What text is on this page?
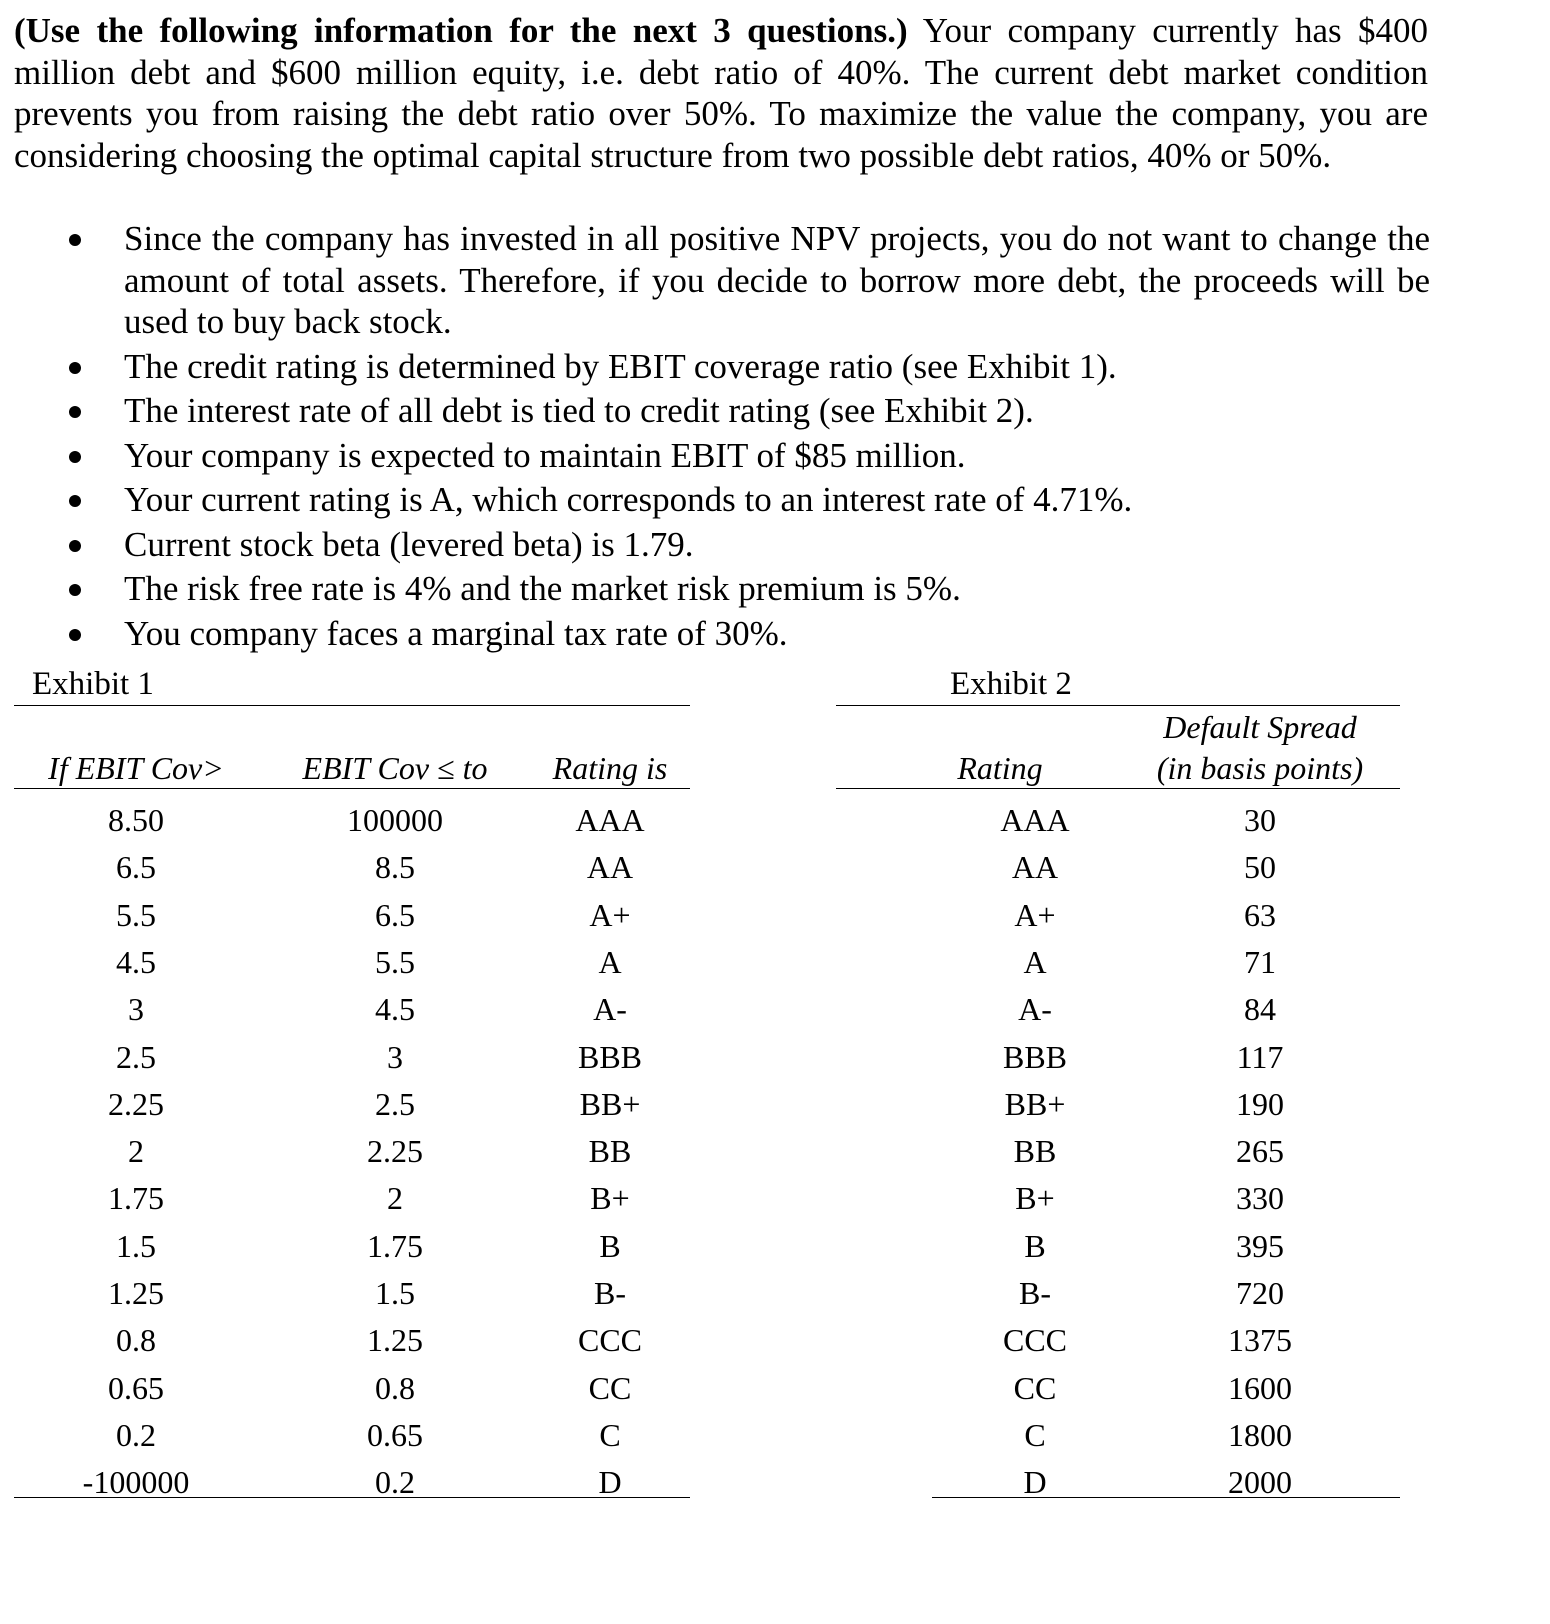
(Use the following information for the next 3 questions.) Your company currently has $400 million debt and $600 million equity, i.e. debt ratio of 40%. The current debt market condition prevents you from raising the debt ratio over 50%. To maximize the value the company, you are considering choosing the optimal capital structure from two possible debt ratios, 40% or 50%.
Since the company has invested in all positive NPV projects, you do not want to change the amount of total assets. Therefore, if you decide to borrow more debt, the proceeds will be used to buy back stock.
The credit rating is determined by EBIT coverage ratio (see Exhibit 1).
The interest rate of all debt is tied to credit rating (see Exhibit 2).
Your company is expected to maintain EBIT of $85 million.
Your current rating is A, which corresponds to an interest rate of 4.71%.
Current stock beta (levered beta) is 1.79.
The risk free rate is 4% and the market risk premium is 5%.
You company faces a marginal tax rate of 30%.
Exhibit 1
If EBIT Cov>	EBIT Cov ≤ to	Rating is
8.50	100000	AAA
6.5	8.5	AA
5.5	6.5	A+
4.5	5.5	A
3	4.5	A-
2.5	3	BBB
2.25	2.5	BB+
2	2.25	BB
1.75	2	B+
1.5	1.75	B
1.25	1.5	B-
0.8	1.25	CCC
0.65	0.8	CC
0.2	0.65	C
-100000	0.2	D
Exhibit 2
Rating
Default Spread
(in basis points)
AAA	30
AA	50
A+	63
A	71
A-	84
BBB	117
BB+	190
BB	265
B+	330
B	395
B-	720
CCC	1375
CC	1600
C	1800
D	2000
